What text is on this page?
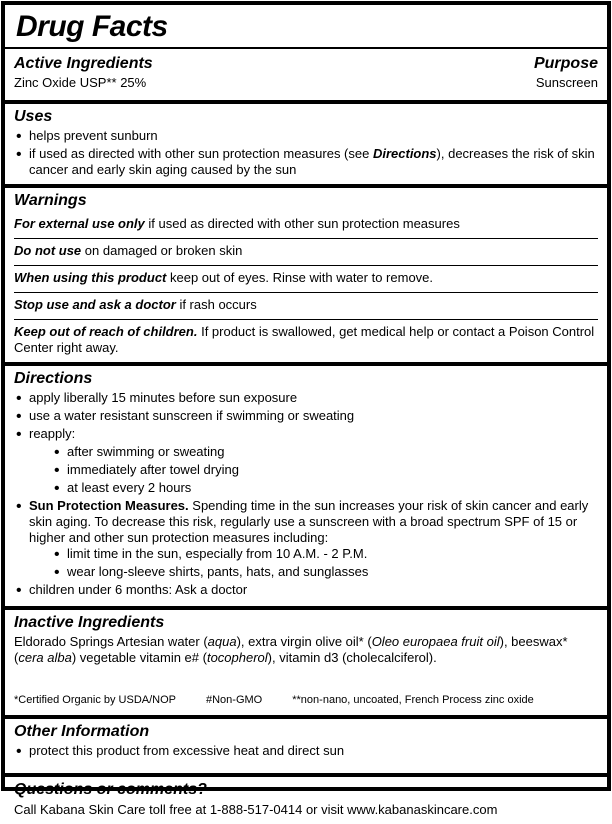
Drug Facts
Active Ingredients
Zinc Oxide USP** 25%
Purpose
Sunscreen
Uses
•
helps prevent sunburn
•
if used as directed with other sun protection measures (see Directions), decreases the risk of skin cancer and early skin aging caused by the sun
Warnings
For external use only if used as directed with other sun protection measures
Do not use on damaged or broken skin
When using this product keep out of eyes. Rinse with water to remove.
Stop use and ask a doctor if rash occurs
Keep out of reach of children. If product is swallowed, get medical help or contact a Poison Control Center right away.
Directions
•
apply liberally 15 minutes before sun exposure
•
use a water resistant sunscreen if swimming or sweating
•
reapply:
•
after swimming or sweating
•
immediately after towel drying
•
at least every 2 hours
•
Sun Protection Measures. Spending time in the sun increases your risk of skin cancer and early skin aging. To decrease this risk, regularly use a sunscreen with a broad spectrum SPF of 15 or higher and other sun protection measures including:
•
limit time in the sun, especially from 10 A.M. - 2 P.M.
•
wear long-sleeve shirts, pants, hats, and sunglasses
•
children under 6 months: Ask a doctor
Inactive Ingredients
Eldorado Springs Artesian water (aqua), extra virgin olive oil* (Oleo europaea fruit oil), beeswax* (cera alba) vegetable vitamin e# (tocopherol), vitamin d3 (cholecalciferol).
*Certified Organic by USDA/NOP	#Non-GMO	**non-nano, uncoated, French Process zinc oxide
Other Information
•
protect this product from excessive heat and direct sun
Questions or comments?
Call Kabana Skin Care toll free at 1-888-517-0414 or visit www.kabanaskincare.com
